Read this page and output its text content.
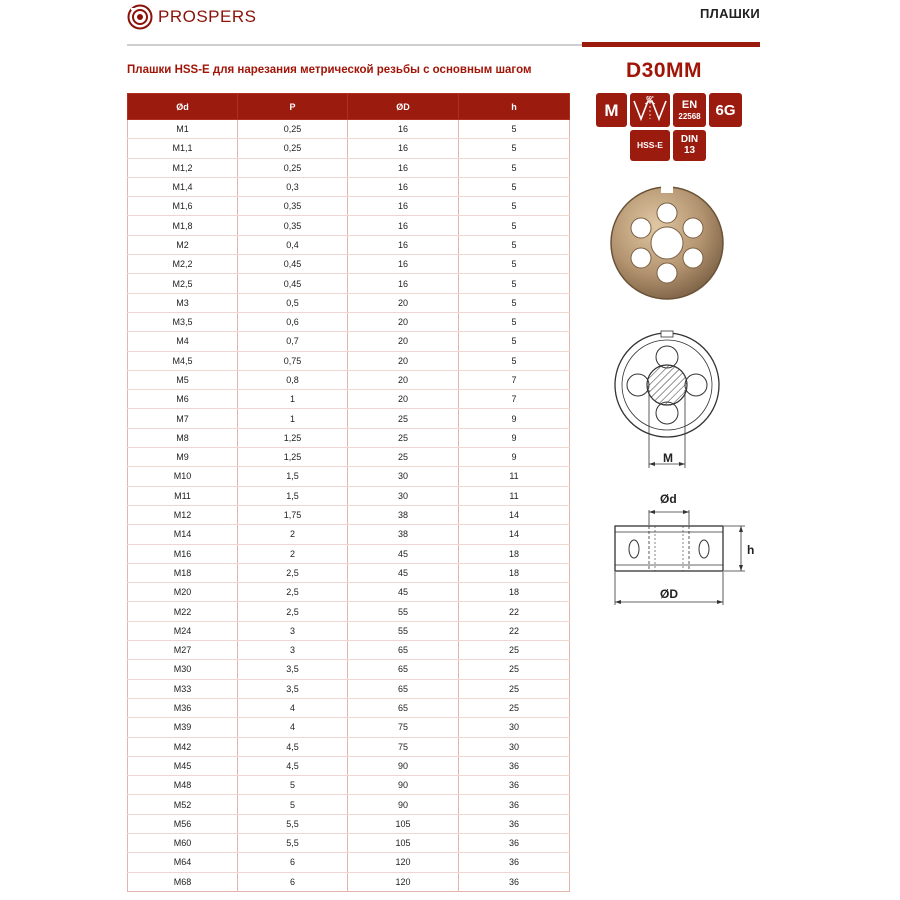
PROSPERS	ПЛАШКИ
Плашки HSS-E для нарезания метрической резьбы с основным шагом
Ød	P	ØD	h
M1	0,25	16	5
M1,1	0,25	16	5
M1,2	0,25	16	5
M1,4	0,3	16	5
M1,6	0,35	16	5
M1,8	0,35	16	5
M2	0,4	16	5
M2,2	0,45	16	5
M2,5	0,45	16	5
M3	0,5	20	5
M3,5	0,6	20	5
M4	0,7	20	5
M4,5	0,75	20	5
M5	0,8	20	7
M6	1	20	7
M7	1	25	9
M8	1,25	25	9
M9	1,25	25	9
M10	1,5	30	11
M11	1,5	30	11
M12	1,75	38	14
M14	2	38	14
M16	2	45	18
M18	2,5	45	18
M20	2,5	45	18
M22	2,5	55	22
M24	3	55	22
M27	3	65	25
M30	3,5	65	25
M33	3,5	65	25
M36	4	65	25
M39	4	75	30
M42	4,5	75	30
M45	4,5	90	36
M48	5	90	36
M52	5	90	36
M56	5,5	105	36
M60	5,5	105	36
M64	6	120	36
M68	6	120	36
D30MM
M
60°	EN
22568 6G
HSS-E
DIN
13
M
Ød
ØD
h
